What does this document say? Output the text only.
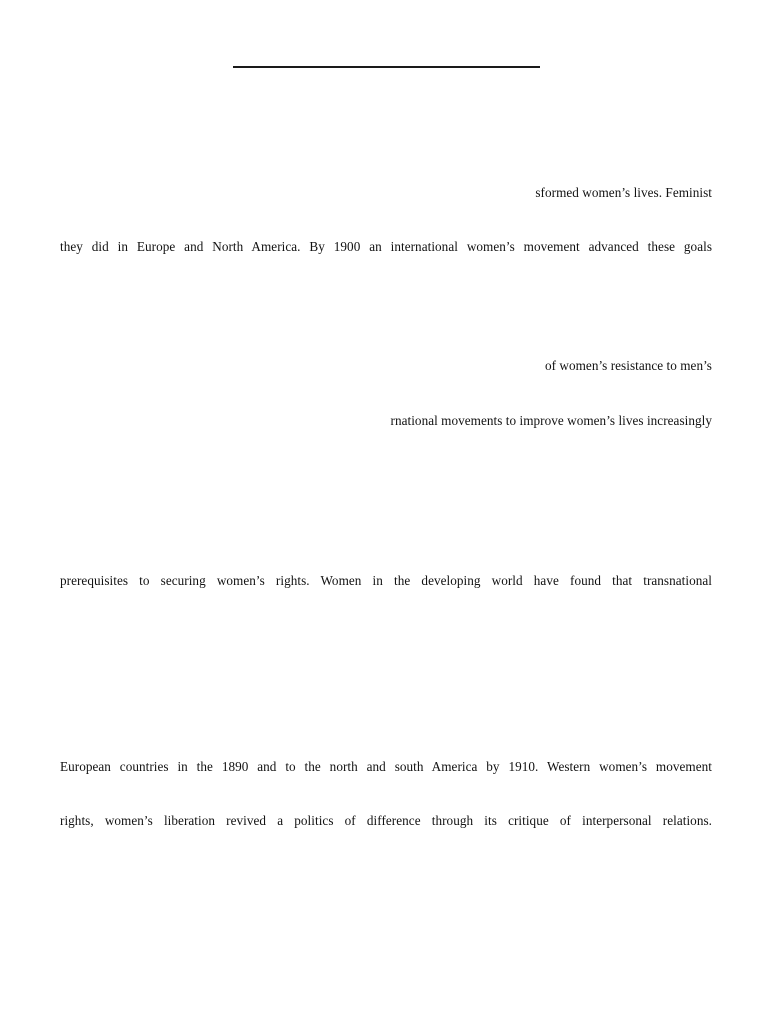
sformed women’s lives. Feminist
they did in Europe and North America. By 1900 an international women’s movement advanced these goals
of women’s resistance to men’s
rnational movements to improve women’s lives increasingly
prerequisites to securing women’s rights. Women in the developing world have found that transnational
European countries in the 1890 and to the north and south America by 1910. Western women’s movement
rights, women’s liberation revived a politics of difference through its critique of interpersonal relations.
